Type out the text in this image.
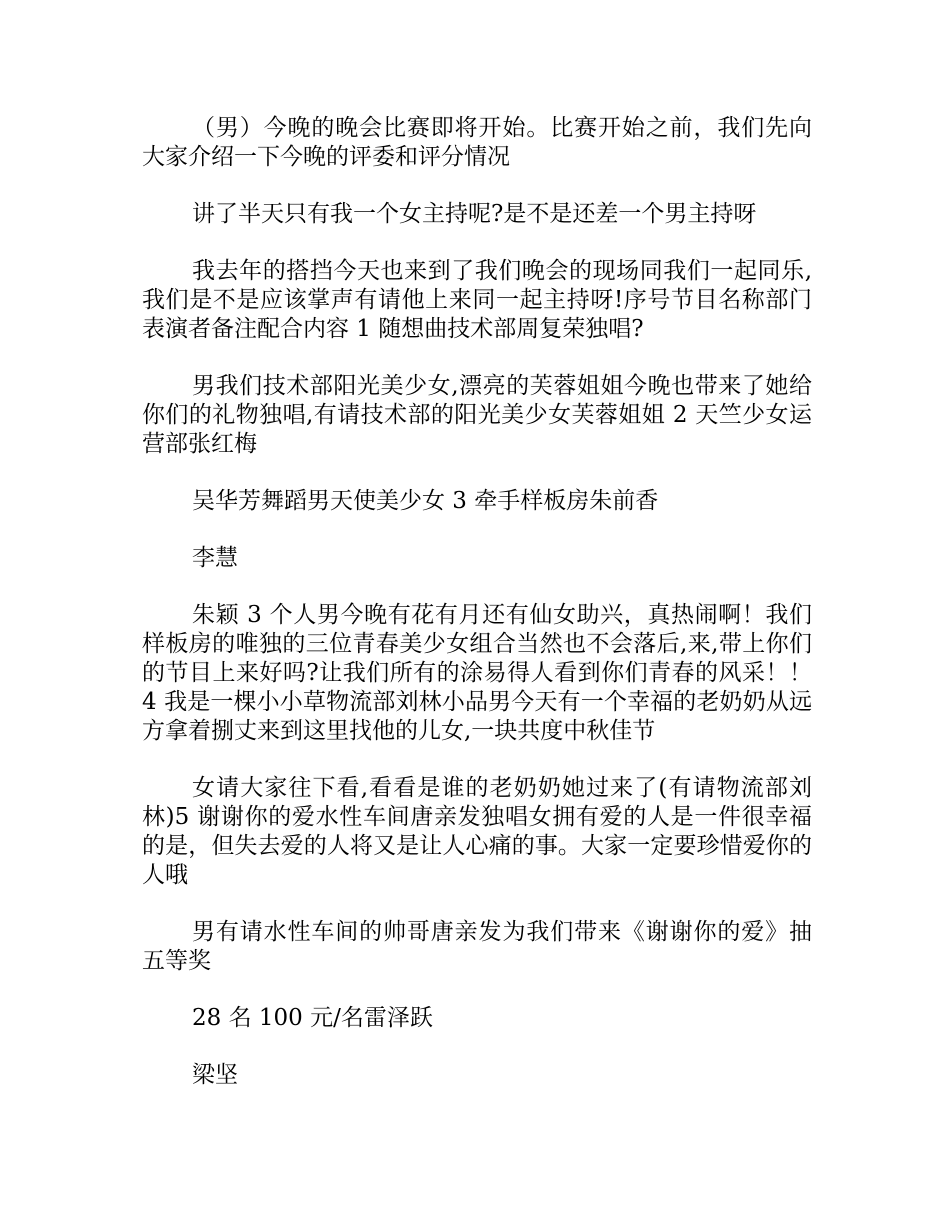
（男）今晚的晚会比赛即将开始。比赛开始之前，我们先向大家介绍一下今晚的评委和评分情况

讲了半天只有我一个女主持呢?是不是还差一个男主持呀

我去年的搭挡今天也来到了我们晚会的现场同我们一起同乐,我们是不是应该掌声有请他上来同一起主持呀!序号节目名称部门表演者备注配合内容 1 随想曲技术部周复荣独唱?

男我们技术部阳光美少女,漂亮的芙蓉姐姐今晚也带来了她给你们的礼物独唱,有请技术部的阳光美少女芙蓉姐姐 2 天竺少女运营部张红梅

吴华芳舞蹈男天使美少女 3 牵手样板房朱前香

李慧

朱颖 3 个人男今晚有花有月还有仙女助兴，真热闹啊！我们样板房的唯独的三位青春美少女组合当然也不会落后,来,带上你们的节目上来好吗?让我们所有的涂易得人看到你们青春的风采！！4 我是一棵小小草物流部刘林小品男今天有一个幸福的老奶奶从远方拿着捌丈来到这里找他的儿女,一块共度中秋佳节

女请大家往下看,看看是谁的老奶奶她过来了(有请物流部刘林)5 谢谢你的爱水性车间唐亲发独唱女拥有爱的人是一件很幸福的是，但失去爱的人将又是让人心痛的事。大家一定要珍惜爱你的人哦

男有请水性车间的帅哥唐亲发为我们带来《谢谢你的爱》抽五等奖

28 名 100 元/名雷泽跃

梁坚
